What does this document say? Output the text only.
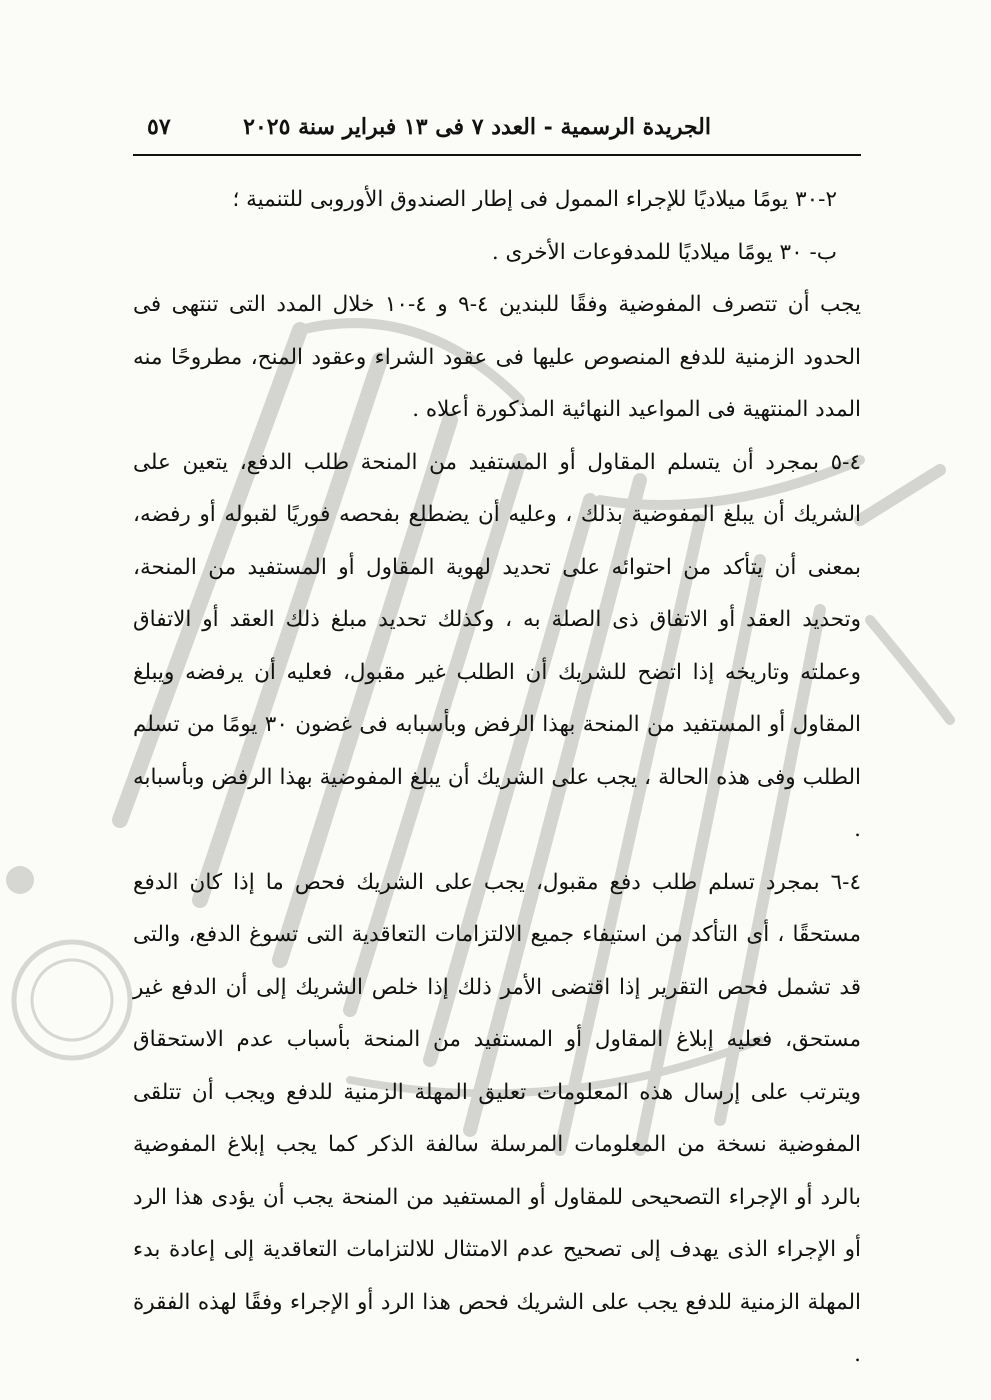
الجريدة الرسمية - العدد ٧ فى ١٣ فبراير سنة ٢٠٢٥
٥٧

٢-٣٠ يومًا ميلاديًا للإجراء الممول فى إطار الصندوق الأوروبى للتنمية ؛

ب- ٣٠ يومًا ميلاديًا للمدفوعات الأخرى .

يجب أن تتصرف المفوضية وفقًا للبندين ٤-٩ و ٤-١٠ خلال المدد التى تنتهى فى الحدود الزمنية للدفع المنصوص عليها فى عقود الشراء وعقود المنح، مطروحًا منه المدد المنتهية فى المواعيد النهائية المذكورة أعلاه .

٤-٥ بمجرد أن يتسلم المقاول أو المستفيد من المنحة طلب الدفع، يتعين على الشريك أن يبلغ المفوضية بذلك ، وعليه أن يضطلع بفحصه فوريًا لقبوله أو رفضه، بمعنى أن يتأكد من احتوائه على تحديد لهوية المقاول أو المستفيد من المنحة، وتحديد العقد أو الاتفاق ذى الصلة به ، وكذلك تحديد مبلغ ذلك العقد أو الاتفاق وعملته وتاريخه إذا اتضح للشريك أن الطلب غير مقبول، فعليه أن يرفضه ويبلغ المقاول أو المستفيد من المنحة بهذا الرفض وبأسبابه فى غضون ٣٠ يومًا من تسلم الطلب وفى هذه الحالة ، يجب على الشريك أن يبلغ المفوضية بهذا الرفض وبأسبابه .

٤-٦ بمجرد تسلم طلب دفع مقبول، يجب على الشريك فحص ما إذا كان الدفع مستحقًا ، أى التأكد من استيفاء جميع الالتزامات التعاقدية التى تسوغ الدفع، والتى قد تشمل فحص التقرير إذا اقتضى الأمر ذلك إذا خلص الشريك إلى أن الدفع غير مستحق، فعليه إبلاغ المقاول أو المستفيد من المنحة بأسباب عدم الاستحقاق ويترتب على إرسال هذه المعلومات تعليق المهلة الزمنية للدفع ويجب أن تتلقى المفوضية نسخة من المعلومات المرسلة سالفة الذكر كما يجب إبلاغ المفوضية بالرد أو الإجراء التصحيحى للمقاول أو المستفيد من المنحة يجب أن يؤدى هذا الرد أو الإجراء الذى يهدف إلى تصحيح عدم الامتثال للالتزامات التعاقدية إلى إعادة بدء المهلة الزمنية للدفع يجب على الشريك فحص هذا الرد أو الإجراء وفقًا لهذه الفقرة .
